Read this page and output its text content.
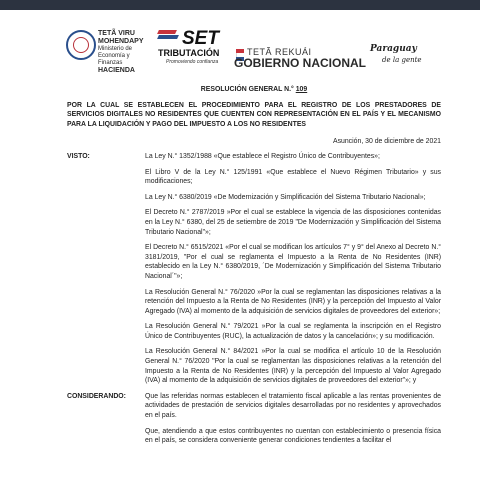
TETÃ VIRU
MOHENDAPY
Ministerio de
Economía y
Finanzas
HACIENDA
SET
TRIBUTACIÓN
Promoviendo confianza
TETÃ REKUÁI
GOBIERNO NACIONAL
Paraguay
de la gente
RESOLUCIÓN GENERAL N.° 109
POR LA CUAL SE ESTABLECEN EL PROCEDIMIENTO PARA EL REGISTRO DE LOS PRESTADORES DE SERVICIOS DIGITALES NO RESIDENTES QUE CUENTEN CON REPRESENTACIÓN EN EL PAÍS Y EL MECANISMO PARA LA LIQUIDACIÓN Y PAGO DEL IMPUESTO A LOS NO RESIDENTES
Asunción, 30 de diciembre de 2021
VISTO:	La Ley N.° 1352/1988 «Que establece el Registro Único de Contribuyentes»;
El Libro V de la Ley N.° 125/1991 «Que establece el Nuevo Régimen Tributario» y sus modificaciones;
La Ley N.° 6380/2019 «De Modernización y Simplificación del Sistema Tributario Nacional»;
El Decreto N.° 2787/2019 »Por el cual se establece la vigencia de las disposiciones contenidas en la Ley N.° 6380, del 25 de setiembre de 2019 "De Modernización y Simplificación del Sistema Tributario Nacional"»;
El Decreto N.° 6515/2021 «Por el cual se modifican los artículos 7° y 9° del Anexo al Decreto N.° 3181/2019, "Por el cual se reglamenta el Impuesto a la Renta de No Residentes (INR) establecido en la Ley N.° 6380/2019, ´De Modernización y Simplificación del Sistema Tributario Nacional´"»;
La Resolución General N.° 76/2020 »Por la cual se reglamentan las disposiciones relativas a la retención del Impuesto a la Renta de No Residentes (INR) y la percepción del Impuesto al Valor Agregado (IVA) al momento de la adquisición de servicios digitales de proveedores del exterior»;
La Resolución General N.° 79/2021 »Por la cual se reglamenta la inscripción en el Registro Único de Contribuyentes (RUC), la actualización de datos y la cancelación»; y su modificación.
La Resolución General N.° 84/2021 »Por la cual se modifica el artículo 10 de la Resolución General N.° 76/2020 "Por la cual se reglamentan las disposiciones relativas a la retención del Impuesto a la Renta de No Residentes (INR) y la percepción del Impuesto al Valor Agregado (IVA) al momento de la adquisición de servicios digitales de proveedores del exterior"»; y
CONSIDERANDO:	Que las referidas normas establecen el tratamiento fiscal aplicable a las rentas provenientes de actividades de prestación de servicios digitales desarrolladas por no residentes y aprovechados en el país.
Que, atendiendo a que estos contribuyentes no cuentan con establecimiento o presencia física en el país, se considera conveniente generar condiciones tendientes a facilitar el
